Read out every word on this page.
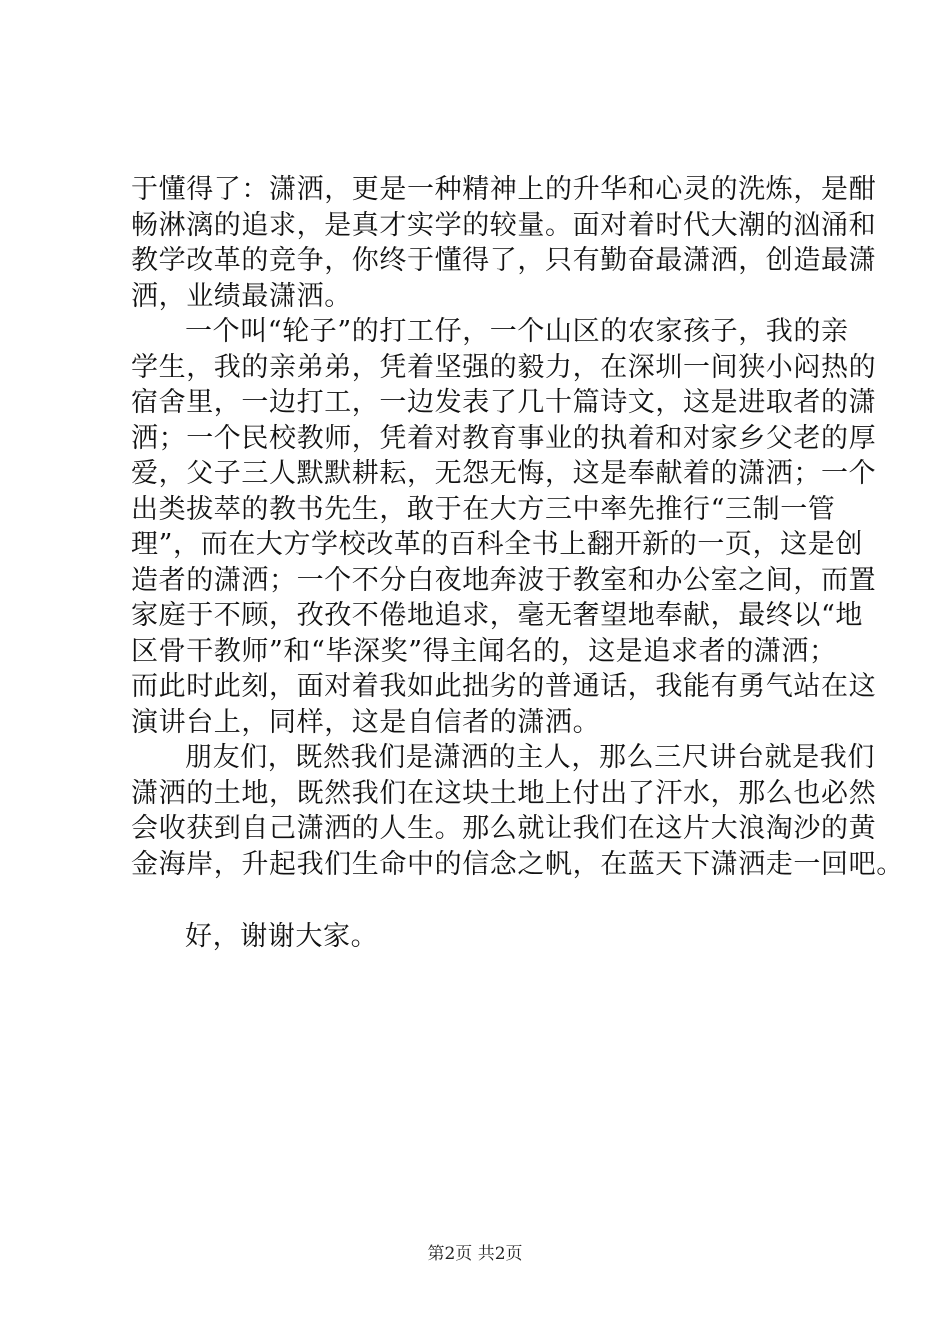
于懂得了：潇洒，更是一种精神上的升华和心灵的洗炼，是酣
畅淋漓的追求，是真才实学的较量。面对着时代大潮的汹涌和
教学改革的竞争，你终于懂得了，只有勤奋最潇洒，创造最潇
洒，业绩最潇洒。
一个叫“轮子”的打工仔，一个山区的农家孩子，我的亲
学生，我的亲弟弟，凭着坚强的毅力，在深圳一间狭小闷热的
宿舍里，一边打工，一边发表了几十篇诗文，这是进取者的潇
洒；一个民校教师，凭着对教育事业的执着和对家乡父老的厚
爱，父子三人默默耕耘，无怨无悔，这是奉献着的潇洒；一个
出类拔萃的教书先生，敢于在大方三中率先推行“三制一管
理”，而在大方学校改革的百科全书上翻开新的一页，这是创
造者的潇洒；一个不分白夜地奔波于教室和办公室之间，而置
家庭于不顾，孜孜不倦地追求，毫无奢望地奉献，最终以“地
区骨干教师”和“毕深奖”得主闻名的，这是追求者的潇洒；
而此时此刻，面对着我如此拙劣的普通话，我能有勇气站在这
演讲台上，同样，这是自信者的潇洒。
朋友们，既然我们是潇洒的主人，那么三尺讲台就是我们
潇洒的土地，既然我们在这块土地上付出了汗水，那么也必然
会收获到自己潇洒的人生。那么就让我们在这片大浪淘沙的黄
金海岸，升起我们生命中的信念之帆，在蓝天下潇洒走一回吧。
好，谢谢大家。
第2页 共2页
